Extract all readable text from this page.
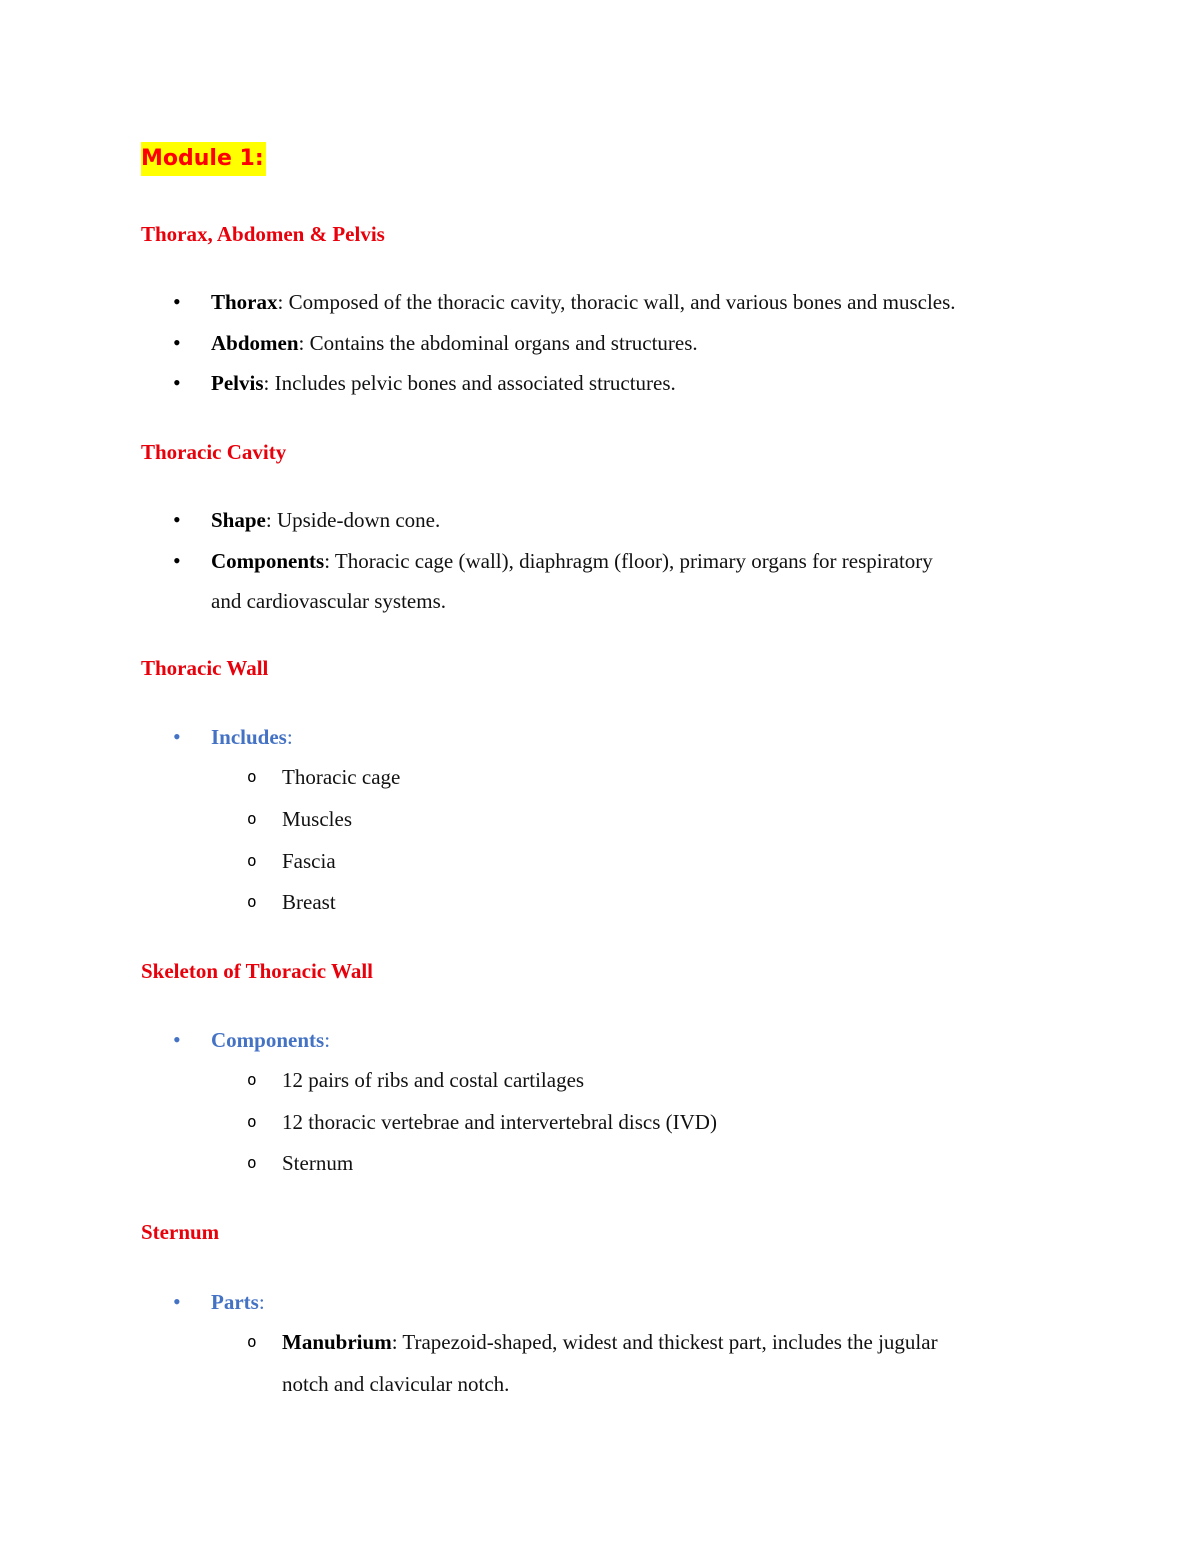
Module 1:
Thorax, Abdomen & Pelvis
•	Thorax: Composed of the thoracic cavity, thoracic wall, and various bones and muscles.
•	Abdomen: Contains the abdominal organs and structures.
•	Pelvis: Includes pelvic bones and associated structures.
Thoracic Cavity
•	Shape: Upside-down cone.
•	Components: Thoracic cage (wall), diaphragm (floor), primary organs for respiratory
and cardiovascular systems.
Thoracic Wall
•	Includes:
o Thoracic cage
o Muscles
o Fascia
o Breast
Skeleton of Thoracic Wall
•	Components:
o 12 pairs of ribs and costal cartilages
o 12 thoracic vertebrae and intervertebral discs (IVD)
o Sternum
Sternum
•	Parts:
o Manubrium: Trapezoid-shaped, widest and thickest part, includes the jugular
notch and clavicular notch.
